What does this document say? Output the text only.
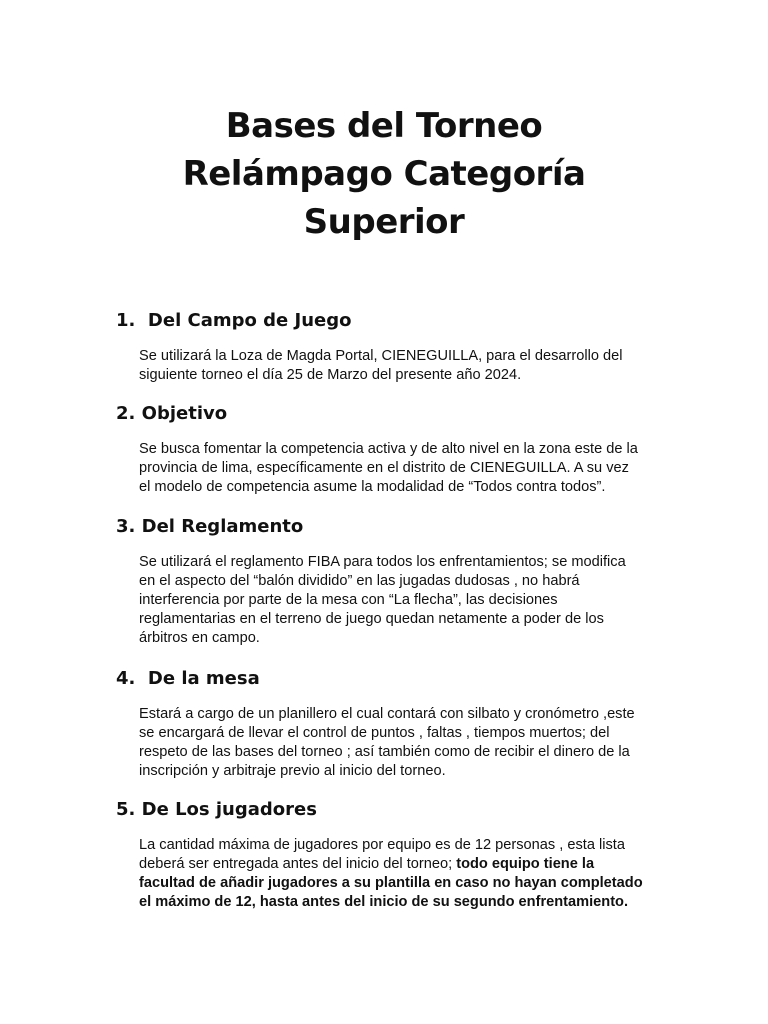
Bases del Torneo
Relámpago Categoría
Superior
1. Del Campo de Juego
Se utilizará la Loza de Magda Portal, CIENEGUILLA, para el desarrollo del
siguiente torneo el día 25 de Marzo del presente año 2024.
2. Objetivo
Se busca fomentar la competencia activa y de alto nivel en la zona este de la
provincia de lima, específicamente en el distrito de CIENEGUILLA. A su vez
el modelo de competencia asume la modalidad de “Todos contra todos”.
3. Del Reglamento
Se utilizará el reglamento FIBA para todos los enfrentamientos; se modifica
en el aspecto del “balón dividido” en las jugadas dudosas , no habrá
interferencia por parte de la mesa con “La flecha”, las decisiones
reglamentarias en el terreno de juego quedan netamente a poder de los
árbitros en campo.
4.  De la mesa
Estará a cargo de un planillero el cual contará con silbato y cronómetro ,este
se encargará de llevar el control de puntos , faltas , tiempos muertos; del
respeto de las bases del torneo ; así también como de recibir el dinero de la
inscripción y arbitraje previo al inicio del torneo.
5. De Los jugadores
La cantidad máxima de jugadores por equipo es de 12 personas , esta lista
deberá ser entregada antes del inicio del torneo; todo equipo tiene la
facultad de añadir jugadores a su plantilla en caso no hayan completado
el máximo de 12, hasta antes del inicio de su segundo enfrentamiento.
